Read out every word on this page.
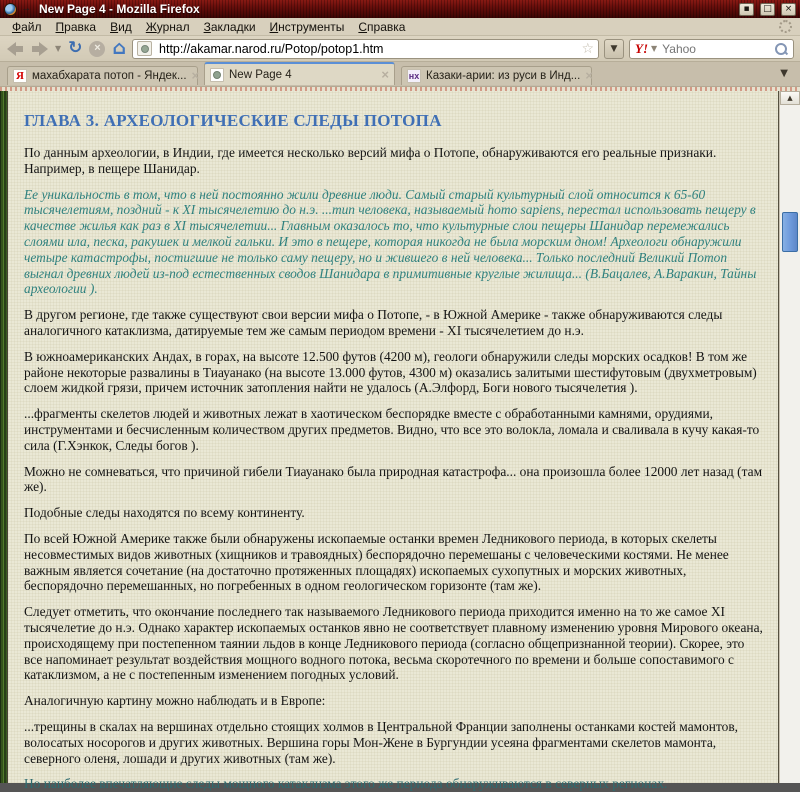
→ New Page 4 - Mozilla Firefox	▪	□	×
Файл	Правка	Вид	Журнал	Закладки	Инструменты	Справка
▼ ↻	× ⌂
http://akamar.narod.ru/Potop/potop1.htm	☆	▼	Y! ▼
Yahoo
Я махабхарата потоп - Яндек... ×	New Page 4	× нх Казаки-арии: из руси в Инд... ×	▼
ГЛАВА 3. АРХЕОЛОГИЧЕСКИЕ СЛЕДЫ ПОТОПА

По данным археологии, в Индии, где имеется несколько версий мифа о Потопе, обнаруживаются его реальные признаки. Например, в пещере Шанидар.

Ее уникальность в том, что в ней постоянно жили древние люди. Самый старый культурный слой относится к 65-60 тысячелетиям, поздний - к XI тысячелетию до н.э. ...тип человека, называемый homo sapiens, перестал использовать пещеру в качестве жилья как раз в XI тысячелетии... Главным оказалось то, что культурные слои пещеры Шанидар перемежались слоями ила, песка, ракушек и мелкой гальки. И это в пещере, которая никогда не была морским дном! Археологи обнаружили четыре катастрофы, постигшие не только саму пещеру, но и жившего в ней человека... Только последний Великий Потоп выгнал древних людей из-под естественных сводов Шанидара в примитивные круглые жилища... (В.Бацалев, А.Варакин, Тайны археологии ).

В другом регионе, где также существуют свои версии мифа о Потопе, - в Южной Америке - также обнаруживаются следы аналогичного катаклизма, датируемые тем же самым периодом времени - XI тысячелетием до н.э.

В южноамериканских Андах, в горах, на высоте 12.500 футов (4200 м), геологи обнаружили следы морских осадков! В том же районе некоторые развалины в Тиауанако (на высоте 13.000 футов, 4300 м) оказались залитыми шестифутовым (двухметровым) слоем жидкой грязи, причем источник затопления найти не удалось (А.Элфорд, Боги нового тысячелетия ).

...фрагменты скелетов людей и животных лежат в хаотическом беспорядке вместе с обработанными камнями, орудиями, инструментами и бесчисленным количеством других предметов. Видно, что все это волокла, ломала и сваливала в кучу какая-то сила (Г.Хэнкок, Следы богов ).

Можно не сомневаться, что причиной гибели Тиауанако была природная катастрофа... она произошла более 12000 лет назад (там же).

Подобные следы находятся по всему континенту.

По всей Южной Америке также были обнаружены ископаемые останки времен Ледникового периода, в которых скелеты несовместимых видов животных (хищников и травоядных) беспорядочно перемешаны с человеческими костями. Не менее важным является сочетание (на достаточно протяженных площадях) ископаемых сухопутных и морских животных, беспорядочно перемешанных, но погребенных в одном геологическом горизонте (там же).

Следует отметить, что окончание последнего так называемого Ледникового периода приходится именно на то же самое XI тысячелетие до н.э. Однако характер ископаемых останков явно не соответствует плавному изменению уровня Мирового океана, происходящему при постепенном таянии льдов в конце Ледникового периода (согласно общепризнанной теории). Скорее, это все напоминает результат воздействия мощного водного потока, весьма скоротечного по времени и больше сопоставимого с катаклизмом, а не с постепенным изменением погодных условий.

Аналогичную картину можно наблюдать и в Европе:

...трещины в скалах на вершинах отдельно стоящих холмов в Центральной Франции заполнены останками костей мамонтов, волосатых носорогов и других животных. Вершина горы Мон-Жене в Бургундии усеяна фрагментами скелетов мамонта, северного оленя, лошади и других животных (там же).

Но наиболее впечатляющие следы мощного катаклизма этого же периода обнаруживаются в северных регионах.

▲
